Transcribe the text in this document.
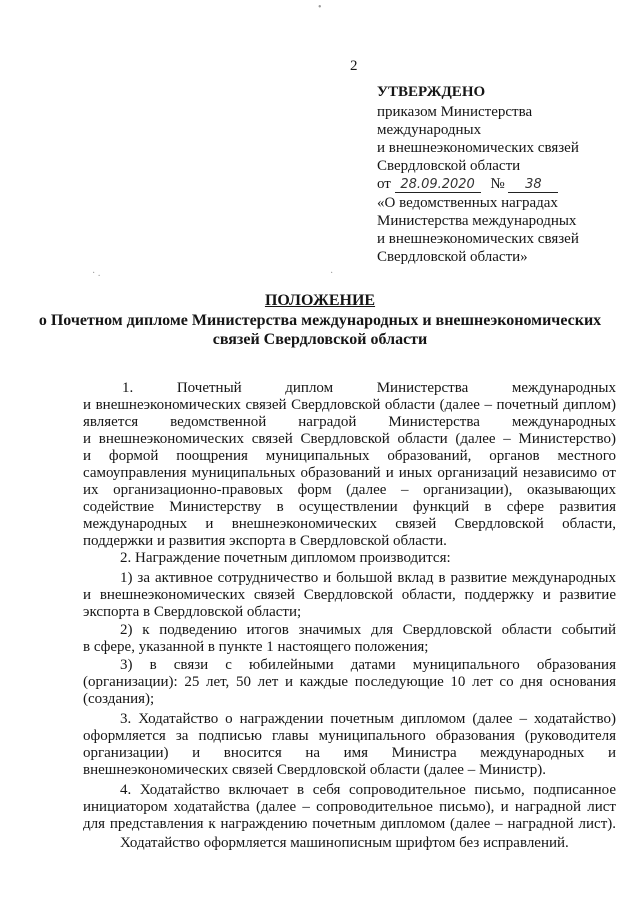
•
2
УТВЕРЖДЕНО
приказом Министерства
международных
и внешнеэкономических связей
Свердловской области
от 28.09.2020 № 38
«О ведомственных наградах
Министерства международных
и внешнеэкономических связей
Свердловской области»
· .	·
ПОЛОЖЕНИЕ
о Почетном дипломе Министерства международных и внешнеэкономических
связей Свердловской области
1. Почетный диплом Министерства международных
и внешнеэкономических связей Свердловской области (далее – почетный диплом)
является ведомственной наградой Министерства международных
и внешнеэкономических связей Свердловской области (далее – Министерство)
и формой поощрения муниципальных образований, органов местного
самоуправления муниципальных образований и иных организаций независимо от
их организационно-правовых форм (далее – организации), оказывающих
содействие Министерству в осуществлении функций в сфере развития
международных и внешнеэкономических связей Свердловской области,
поддержки и развития экспорта в Свердловской области.
2. Награждение почетным дипломом производится:
1) за активное сотрудничество и большой вклад в развитие международных
и внешнеэкономических связей Свердловской области, поддержку и развитие
экспорта в Свердловской области;
2) к подведению итогов значимых для Свердловской области событий
в сфере, указанной в пункте 1 настоящего положения;
3) в связи с юбилейными датами муниципального образования
(организации): 25 лет, 50 лет и каждые последующие 10 лет со дня основания
(создания);
3. Ходатайство о награждении почетным дипломом (далее – ходатайство)
оформляется за подписью главы муниципального образования (руководителя
организации) и вносится на имя Министра международных и
внешнеэкономических связей Свердловской области (далее – Министр).
4. Ходатайство включает в себя сопроводительное письмо, подписанное
инициатором ходатайства (далее – сопроводительное письмо), и наградной лист
для представления к награждению почетным дипломом (далее – наградной лист).
Ходатайство оформляется машинописным шрифтом без исправлений.
